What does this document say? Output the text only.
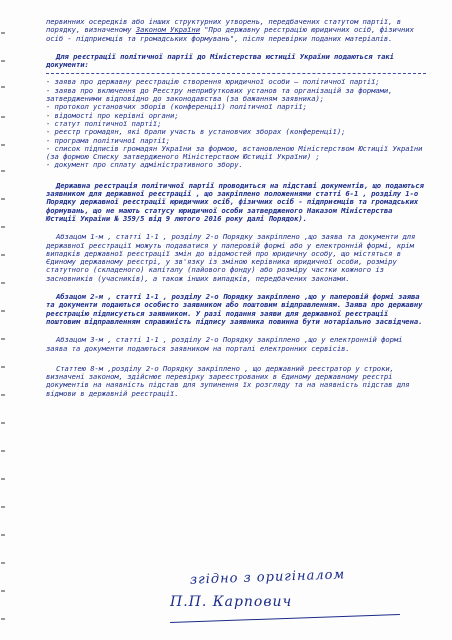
первинних осередків або інших структурних утворень, передбачених статутом партії, в порядку, визначеному Законом України "Про державну реєстрацію юридичних осіб, фізичних осіб - підприємців та громадських формувань", після перевірки поданих матеріалів.

Для реєстрації політичної партії до Міністерства юстиції України подаються такі документи:

- заява про державну реєстрацію створення юридичної особи – політичної партії;

- заява про включення до Реєстру неприбуткових установ та організацій за формами, затвердженими відповідно до законодавства (за бажанням заявника);

- протокол установчих зборів (конференції) політичної партії;

- відомості про керівні органи;

- статут політичної партії;

- реєстр громадян, які брали участь в установчих зборах (конференції);

- програма політичної партії;

- список підписів громадян України за формою, встановленою Міністерством Юстиції України (за формою Списку затвердженого Міністерством Юстиції України) ;

- документ про сплату адміністративного збору.

Державна реєстрація політичної партії проводиться на підставі документів, що подаються заявником для державної реєстрації , що закріплено положеннями статті 6-1 , розділу 1-о Порядку державної реєстрації юридичних осіб, фізичних осіб - підприємців та громадських формувань, що не мають статусу юридичної особи затвердженого Наказом Міністерства Юстиції України № 359/5 від 9 лютого 2016 року далі Порядок).

Абзацом 1-м , статті 1-1 , розділу 2-о Порядку закріплено ,що заява та документи для державної реєстрації можуть подаватися у паперовій формі або у електронній формі, крім випадків державної реєстрації змін до відомостей про юридичну особу, що містяться в Єдиному державному реєстрі, у зв'язку із зміною керівника юридичної особи, розміру статутного (складеного) капіталу (пайового фонду) або розміру частки кожного із засновників (учасників), а також інших випадків, передбачених законами.

Абзацом 2-м , статті 1-1 , розділу 2-о Порядку закріплено ,що у паперовій формі заява та документи подаються особисто заявником або поштовим відправленням. Заява про державну реєстрацію підписується заявником. У разі подання заяви для державної реєстрації поштовим відправленням справжність підпису заявника повинна бути нотаріально засвідчена.

Абзацом 3-м , статті 1-1 , розділу 2-о Порядку закріплено ,що у електронній формі заява та документи подаються заявником на порталі електронних сервісів.

Статтею 8-м ,розділу 2-о Порядку закріплено , що державний реєстратор у строки, визначені законом, здійснює перевірку зареєстрованих в Єдиному державному реєстрі документів на наявність підстав для зупинення їх розгляду та на наявність підстав для відмови в державній реєстрації.

згідно з оригіналом
П.П. Карпович
